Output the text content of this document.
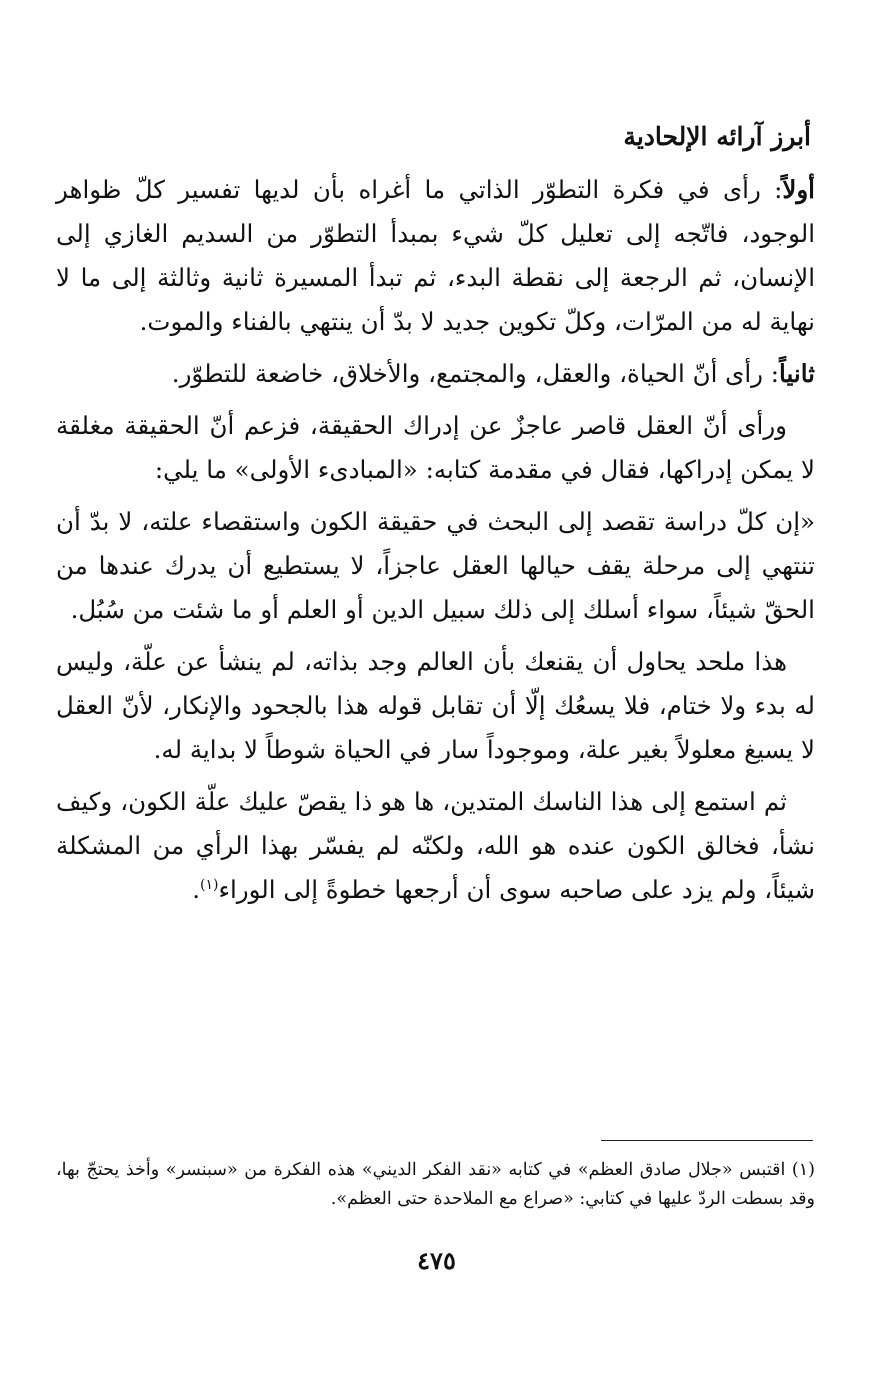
أبرز آرائه الإلحادية

أولاً: رأى في فكرة التطوّر الذاتي ما أغراه بأن لديها تفسير كلّ ظواهر الوجود، فاتّجه إلى تعليل كلّ شيء بمبدأ التطوّر من السديم الغازي إلى الإنسان، ثم الرجعة إلى نقطة البدء، ثم تبدأ المسيرة ثانية وثالثة إلى ما لا نهاية له من المرّات، وكلّ تكوين جديد لا بدّ أن ينتهي بالفناء والموت.

ثانياً: رأى أنّ الحياة، والعقل، والمجتمع، والأخلاق، خاضعة للتطوّر.

ورأى أنّ العقل قاصر عاجزٌ عن إدراك الحقيقة، فزعم أنّ الحقيقة مغلقة لا يمكن إدراكها، فقال في مقدمة كتابه: «المبادىء الأولى» ما يلي:

«إن كلّ دراسة تقصد إلى البحث في حقيقة الكون واستقصاء علته، لا بدّ أن تنتهي إلى مرحلة يقف حيالها العقل عاجزاً، لا يستطيع أن يدرك عندها من الحقّ شيئاً، سواء أسلك إلى ذلك سبيل الدين أو العلم أو ما شئت من سُبُل.

هذا ملحد يحاول أن يقنعك بأن العالم وجد بذاته، لم ينشأ عن علّة، وليس له بدء ولا ختام، فلا يسعُك إلّا أن تقابل قوله هذا بالجحود والإنكار، لأنّ العقل لا يسيغ معلولاً بغير علة، وموجوداً سار في الحياة شوطاً لا بداية له.

ثم استمع إلى هذا الناسك المتدين، ها هو ذا يقصّ عليك علّة الكون، وكيف نشأ، فخالق الكون عنده هو الله، ولكنّه لم يفسّر بهذا الرأي من المشكلة شيئاً، ولم يزد على صاحبه سوى أن أرجعها خطوةً إلى الوراء$^{(١)}$.

(١) اقتبس «جلال صادق العظم» في كتابه «نقد الفكر الديني» هذه الفكرة من «سبنسر» وأخذ يحتجّ بها، وقد بسطت الردّ عليها في كتابي: «صراع مع الملاحدة حتى العظم».

٤٧٥
